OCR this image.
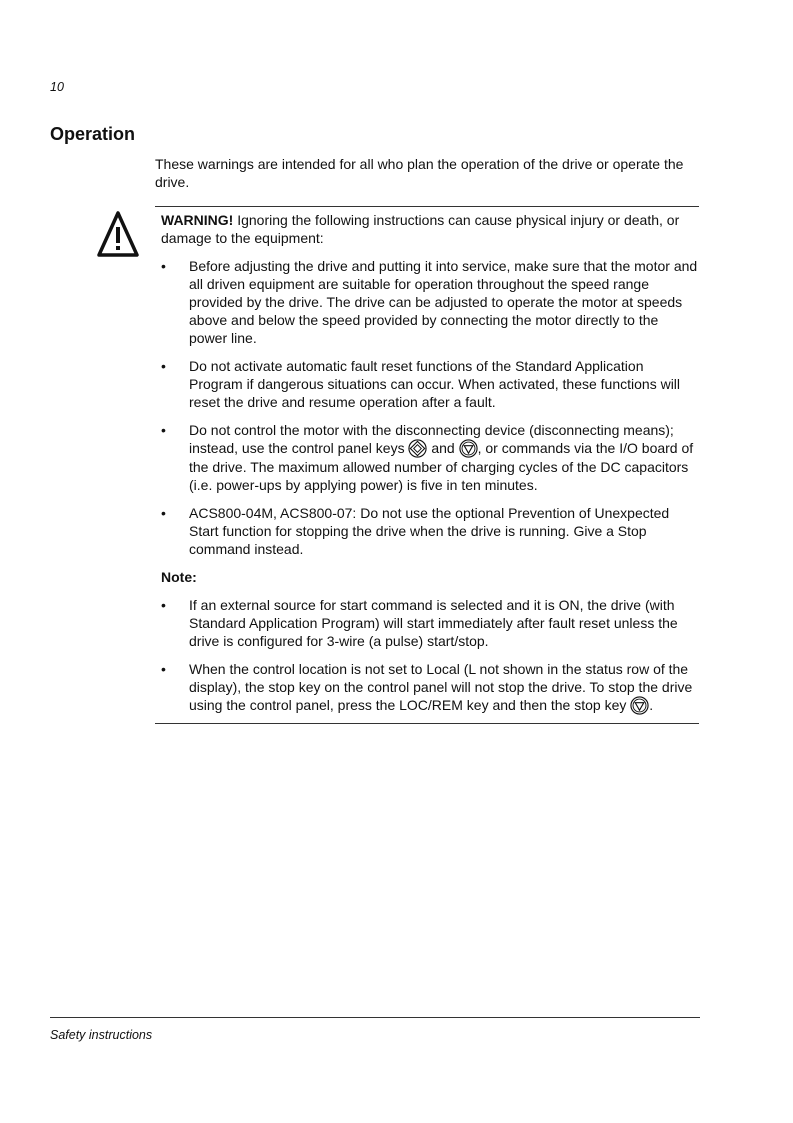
10
Operation

These warnings are intended for all who plan the operation of the drive or operate the drive.

WARNING! Ignoring the following instructions can cause physical injury or death, or damage to the equipment:

• Before adjusting the drive and putting it into service, make sure that the motor and all driven equipment are suitable for operation throughout the speed range provided by the drive. The drive can be adjusted to operate the motor at speeds above and below the speed provided by connecting the motor directly to the power line.
• Do not activate automatic fault reset functions of the Standard Application Program if dangerous situations can occur. When activated, these functions will reset the drive and resume operation after a fault.
• Do not control the motor with the disconnecting device (disconnecting means); instead, use the control panel keys  and , or commands via the I/O board of the drive. The maximum allowed number of charging cycles of the DC capacitors (i.e. power-ups by applying power) is five in ten minutes.
• ACS800-04M, ACS800-07: Do not use the optional Prevention of Unexpected Start function for stopping the drive when the drive is running. Give a Stop command instead.

Note:

• If an external source for start command is selected and it is ON, the drive (with Standard Application Program) will start immediately after fault reset unless the drive is configured for 3-wire (a pulse) start/stop.
• When the control location is not set to Local (L not shown in the status row of the display), the stop key on the control panel will not stop the drive. To stop the drive using the control panel, press the LOC/REM key and then the stop key .
Safety instructions
